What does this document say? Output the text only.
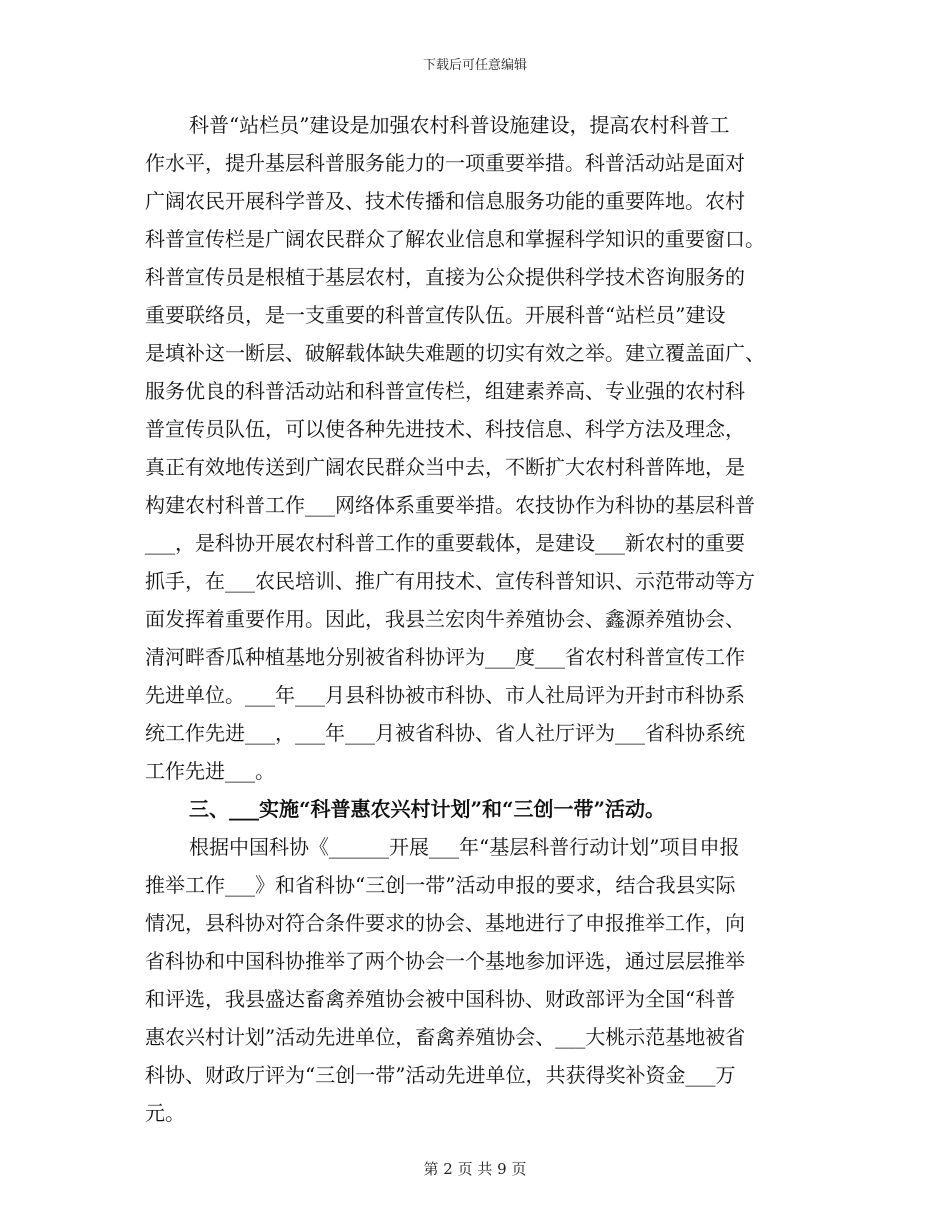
下载后可任意编辑
科普“站栏员”建设是加强农村科普设施建设，提高农村科普工
作水平，提升基层科普服务能力的一项重要举措。科普活动站是面对
广阔农民开展科学普及、技术传播和信息服务功能的重要阵地。农村
科普宣传栏是广阔农民群众了解农业信息和掌握科学知识的重要窗口。
科普宣传员是根植于基层农村，直接为公众提供科学技术咨询服务的
重要联络员，是一支重要的科普宣传队伍。开展科普“站栏员”建设
是填补这一断层、破解载体缺失难题的切实有效之举。建立覆盖面广、
服务优良的科普活动站和科普宣传栏，组建素养高、专业强的农村科
普宣传员队伍，可以使各种先进技术、科技信息、科学方法及理念，
真正有效地传送到广阔农民群众当中去，不断扩大农村科普阵地，是
构建农村科普工作___网络体系重要举措。农技协作为科协的基层科普
___，是科协开展农村科普工作的重要载体，是建设___新农村的重要
抓手，在___农民培训、推广有用技术、宣传科普知识、示范带动等方
面发挥着重要作用。因此，我县兰宏肉牛养殖协会、鑫源养殖协会、
清河畔香瓜种植基地分别被省科协评为___度___省农村科普宣传工作
先进单位。___年___月县科协被市科协、市人社局评为开封市科协系
统工作先进___，___年___月被省科协、省人社厅评为___省科协系统
工作先进___。
三、___实施“科普惠农兴村计划”和“三创一带”活动。
根据中国科协《______开展___年“基层科普行动计划”项目申报
推举工作___》和省科协“三创一带”活动申报的要求，结合我县实际
情况，县科协对符合条件要求的协会、基地进行了申报推举工作，向
省科协和中国科协推举了两个协会一个基地参加评选，通过层层推举
和评选，我县盛达畜禽养殖协会被中国科协、财政部评为全国“科普
惠农兴村计划”活动先进单位，畜禽养殖协会、___大桃示范基地被省
科协、财政厅评为“三创一带”活动先进单位，共获得奖补资金___万
元。
第 2 页 共 9 页
